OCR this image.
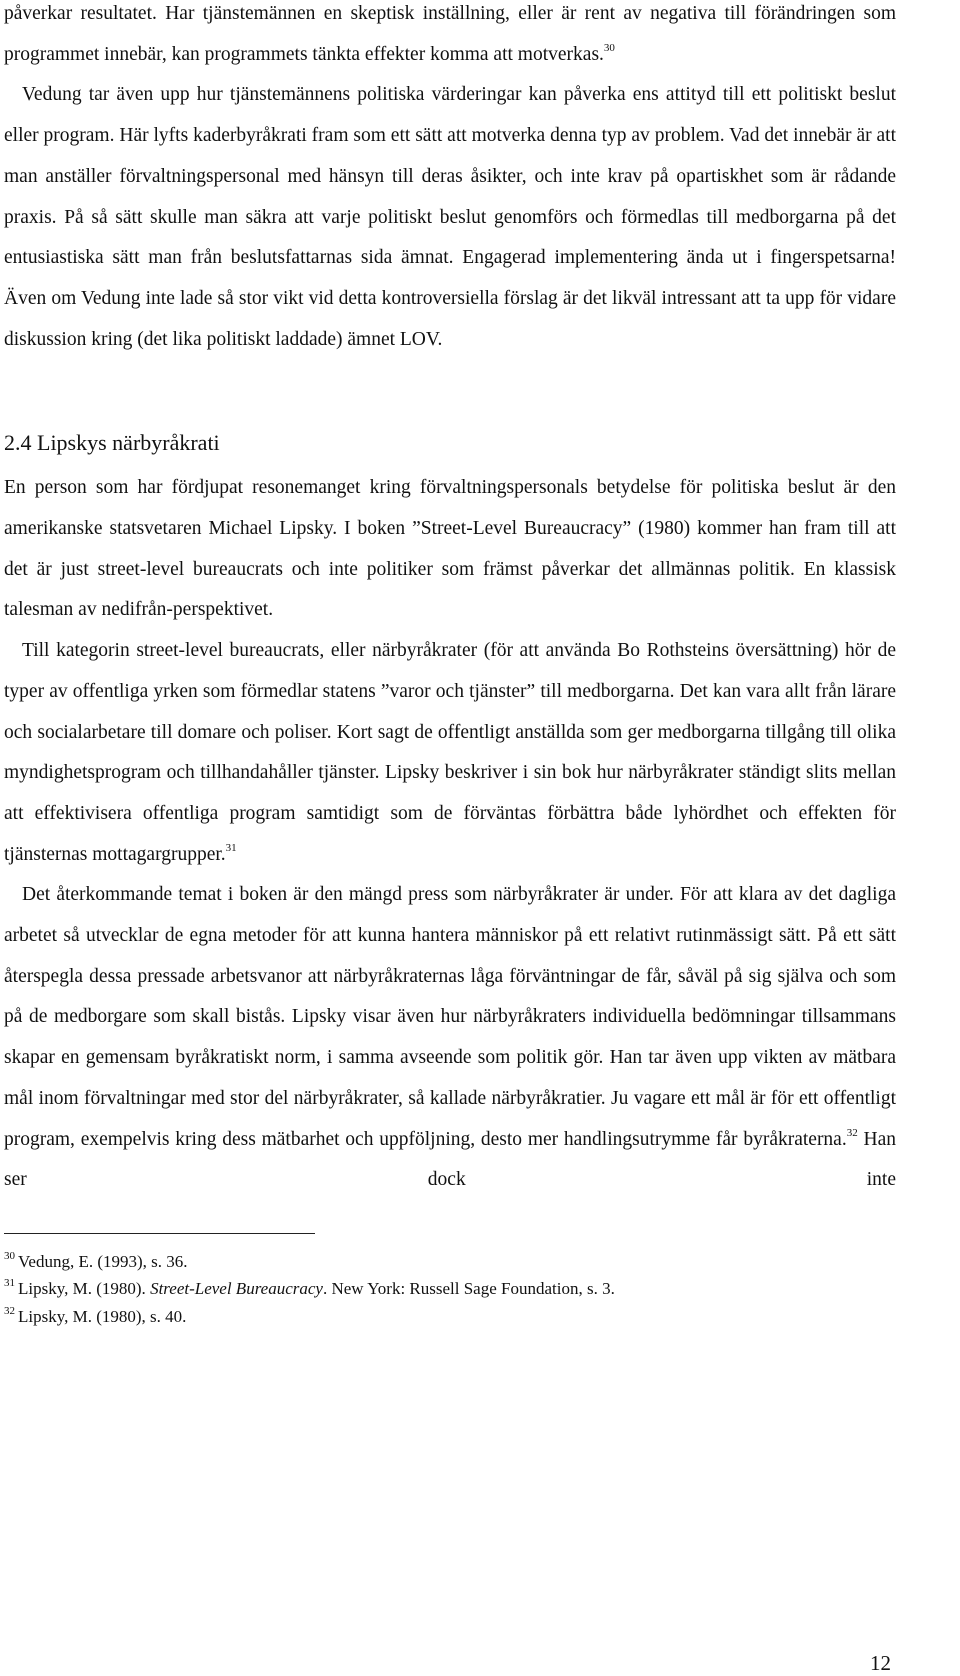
påverkar resultatet. Har tjänstemännen en skeptisk inställning, eller är rent av negativa till förändringen som programmet innebär, kan programmets tänkta effekter komma att motverkas.$^{30}$

Vedung tar även upp hur tjänstemännens politiska värderingar kan påverka ens attityd till ett politiskt beslut eller program. Här lyfts kaderbyråkrati fram som ett sätt att motverka denna typ av problem. Vad det innebär är att man anställer förvaltningspersonal med hänsyn till deras åsikter, och inte krav på opartiskhet som är rådande praxis. På så sätt skulle man säkra att varje politiskt beslut genomförs och förmedlas till medborgarna på det entusiastiska sätt man från beslutsfattarnas sida ämnat. Engagerad implementering ända ut i fingerspetsarna! Även om Vedung inte lade så stor vikt vid detta kontroversiella förslag är det likväl intressant att ta upp för vidare diskussion kring (det lika politiskt laddade) ämnet LOV.

2.4 Lipskys närbyråkrati

En person som har fördjupat resonemanget kring förvaltningspersonals betydelse för politiska beslut är den amerikanske statsvetaren Michael Lipsky. I boken ”Street-Level Bureaucracy” (1980) kommer han fram till att det är just street-level bureaucrats och inte politiker som främst påverkar det allmännas politik. En klassisk talesman av nedifrån-perspektivet.

Till kategorin street-level bureaucrats, eller närbyråkrater (för att använda Bo Rothsteins översättning) hör de typer av offentliga yrken som förmedlar statens ”varor och tjänster” till medborgarna. Det kan vara allt från lärare och socialarbetare till domare och poliser. Kort sagt de offentligt anställda som ger medborgarna tillgång till olika myndighetsprogram och tillhandahåller tjänster. Lipsky beskriver i sin bok hur närbyråkrater ständigt slits mellan att effektivisera offentliga program samtidigt som de förväntas förbättra både lyhördhet och effekten för tjänsternas mottagargrupper.$^{31}$

Det återkommande temat i boken är den mängd press som närbyråkrater är under. För att klara av det dagliga arbetet så utvecklar de egna metoder för att kunna hantera människor på ett relativt rutinmässigt sätt. På ett sätt återspegla dessa pressade arbetsvanor att närbyråkraternas låga förväntningar de får, såväl på sig själva och som på de medborgare som skall bistås. Lipsky visar även hur närbyråkraters individuella bedömningar tillsammans skapar en gemensam byråkratiskt norm, i samma avseende som politik gör. Han tar även upp vikten av mätbara mål inom förvaltningar med stor del närbyråkrater, så kallade närbyråkratier. Ju vagare ett mål är för ett offentligt program, exempelvis kring dess mätbarhet och uppföljning, desto mer handlingsutrymme får byråkraterna.$^{32}$ Han ser dock inte

$^{30}$ Vedung, E. (1993), s. 36.

$^{31}$ Lipsky, M. (1980). Street-Level Bureaucracy. New York: Russell Sage Foundation, s. 3.

$^{32}$ Lipsky, M. (1980), s. 40.

12
